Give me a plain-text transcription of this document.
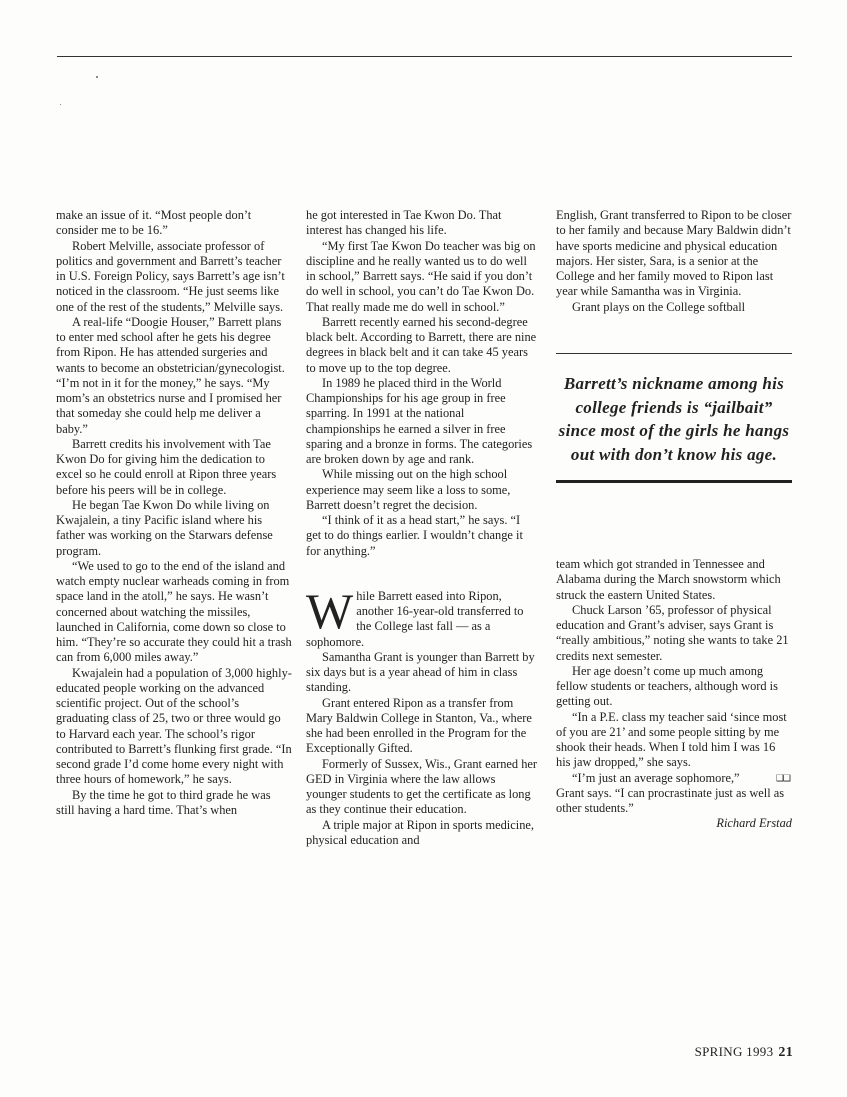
make an issue of it. “Most people don’t consider me to be 16.”

Robert Melville, associate professor of politics and government and Barrett’s teacher in U.S. Foreign Policy, says Barrett’s age isn’t noticed in the classroom. “He just seems like one of the rest of the students,” Melville says.

A real-life “Doogie Houser,” Barrett plans to enter med school after he gets his degree from Ripon. He has attended surgeries and wants to become an obstetrician/gynecologist. “I’m not in it for the money,” he says. “My mom’s an obstetrics nurse and I promised her that someday she could help me deliver a baby.”

Barrett credits his involvement with Tae Kwon Do for giving him the dedication to excel so he could enroll at Ripon three years before his peers will be in college.

He began Tae Kwon Do while living on Kwajalein, a tiny Pacific island where his father was working on the Starwars defense program.

“We used to go to the end of the island and watch empty nuclear warheads coming in from space land in the atoll,” he says. He wasn’t concerned about watching the missiles, launched in California, come down so close to him. “They’re so accurate they could hit a trash can from 6,000 miles away.”

Kwajalein had a population of 3,000 highly-educated people working on the advanced scientific project. Out of the school’s graduating class of 25, two or three would go to Harvard each year. The school’s rigor contributed to Barrett’s flunking first grade. “In second grade I’d come home every night with three hours of homework,” he says.

By the time he got to third grade he was still having a hard time. That’s when

he got interested in Tae Kwon Do. That interest has changed his life.

“My first Tae Kwon Do teacher was big on discipline and he really wanted us to do well in school,” Barrett says. “He said if you don’t do well in school, you can’t do Tae Kwon Do. That really made me do well in school.”

Barrett recently earned his second-degree black belt. According to Barrett, there are nine degrees in black belt and it can take 45 years to move up to the top degree.

In 1989 he placed third in the World Championships for his age group in free sparring. In 1991 at the national championships he earned a silver in free sparing and a bronze in forms. The categories are broken down by age and rank.

While missing out on the high school experience may seem like a loss to some, Barrett doesn’t regret the decision.

“I think of it as a head start,” he says. “I get to do things earlier. I wouldn’t change it for anything.”

While Barrett eased into Ripon, another 16-year-old transferred to the College last fall — as a sophomore.

Samantha Grant is younger than Barrett by six days but is a year ahead of him in class standing.

Grant entered Ripon as a transfer from Mary Baldwin College in Stanton, Va., where she had been enrolled in the Program for the Exceptionally Gifted.

Formerly of Sussex, Wis., Grant earned her GED in Virginia where the law allows younger students to get the certificate as long as they continue their education.

A triple major at Ripon in sports medicine, physical education and

English, Grant transferred to Ripon to be closer to her family and because Mary Baldwin didn’t have sports medicine and physical education majors. Her sister, Sara, is a senior at the College and her family moved to Ripon last year while Samantha was in Virginia.

Grant plays on the College softball

Barrett’s nickname among his college friends is “jailbait” since most of the girls he hangs out with don’t know his age.

team which got stranded in Tennessee and Alabama during the March snowstorm which struck the eastern United States.

Chuck Larson ’65, professor of physical education and Grant’s adviser, says Grant is “really ambitious,” noting she wants to take 21 credits next semester.

Her age doesn’t come up much among fellow students or teachers, although word is getting out.

“In a P.E. class my teacher said ‘since most of you are 21’ and some people sitting by me shook their heads. When I told him I was 16 his jaw dropped,” she says.

❑❑
“I’m just an average sophomore,” Grant says. “I can procrastinate just as well as other students.”

Richard Erstad

SPRING 1993 21
